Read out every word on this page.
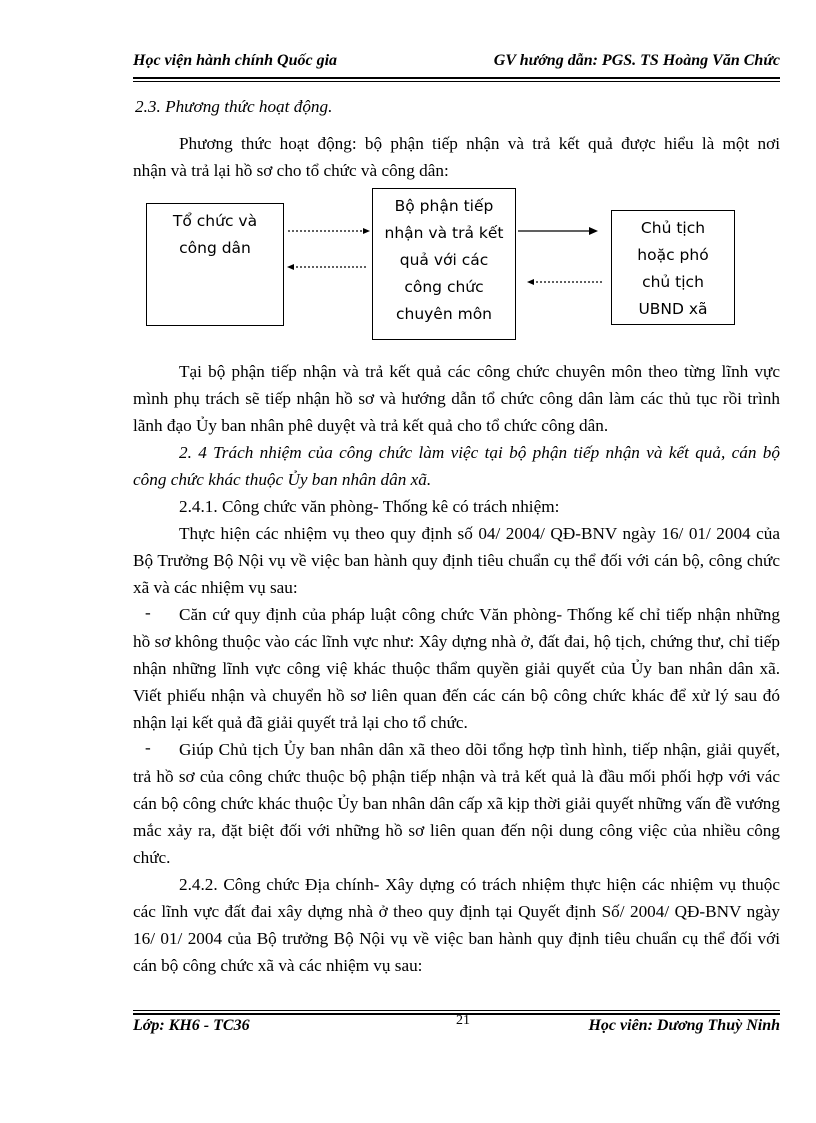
Học viện hành chính Quốc gia	GV hướng dẫn: PGS. TS Hoàng Văn Chức

2.3. Phương thức hoạt động.

Phương thức hoạt động: bộ phận tiếp nhận và trả kết quả được hiểu là một nơi

nhận và trả lại hồ sơ cho tổ chức và công dân:

Tổ chức và
công dân
Bộ phận tiếp
nhận và trả kết
quả với các
công chức
chuyên môn
Chủ tịch
hoặc phó
chủ tịch
UBND xã

Tại bộ phận tiếp nhận và trả kết quả các công chức chuyên môn theo từng lĩnh vực mình phụ trách sẽ tiếp nhận hồ sơ và hướng dẫn tổ chức công dân làm các thủ tục rồi trình lãnh đạo Ủy ban nhân phê duyệt và trả kết quả cho tổ chức công dân.

2. 4 Trách nhiệm của công chức làm việc tại bộ phận tiếp nhận và kết quả, cán bộ công chức khác thuộc Ủy ban nhân dân xã.

2.4.1. Công chức văn phòng- Thống kê có trách nhiệm:

Thực hiện các nhiệm vụ theo quy định số 04/ 2004/ QĐ-BNV ngày 16/ 01/ 2004 của Bộ Trưởng Bộ Nội vụ về việc ban hành quy định tiêu chuẩn cụ thể đối với cán bộ, công chức xã và các nhiệm vụ sau:

- Căn cứ quy định của pháp luật công chức Văn phòng- Thống kế chỉ tiếp nhận những hồ sơ không thuộc vào các lĩnh vực như: Xây dựng nhà ở, đất đai, hộ tịch, chứng thư, chỉ tiếp nhận những lĩnh vực công việ khác thuộc thẩm quyền giải quyết của Ủy ban nhân dân xã. Viết phiếu nhận và chuyển hồ sơ liên quan đến các cán bộ công chức khác để xử lý sau đó nhận lại kết quả đã giải quyết trả lại cho tổ chức.

- Giúp Chủ tịch Ủy ban nhân dân xã theo dõi tổng hợp tình hình, tiếp nhận, giải quyết, trả hồ sơ của công chức thuộc bộ phận tiếp nhận và trả kết quả là đầu mối phối hợp với vác cán bộ công chức khác thuộc Ủy ban nhân dân cấp xã kịp thời giải quyết những vấn đề vướng mắc xảy ra, đặt biệt đối với những hồ sơ liên quan đến nội dung công việc của nhiều công chức.

2.4.2. Công chức Địa chính- Xây dựng có trách nhiệm thực hiện các nhiệm vụ thuộc các lĩnh vực đất đai xây dựng nhà ở theo quy định tại Quyết định Số/ 2004/ QĐ-BNV ngày 16/ 01/ 2004 của Bộ trưởng Bộ Nội vụ về việc ban hành quy định tiêu chuẩn cụ thể đối với cán bộ công chức xã và các nhiệm vụ sau:

Lớp: KH6 - TC36	21	Học viên: Dương Thuỳ Ninh
